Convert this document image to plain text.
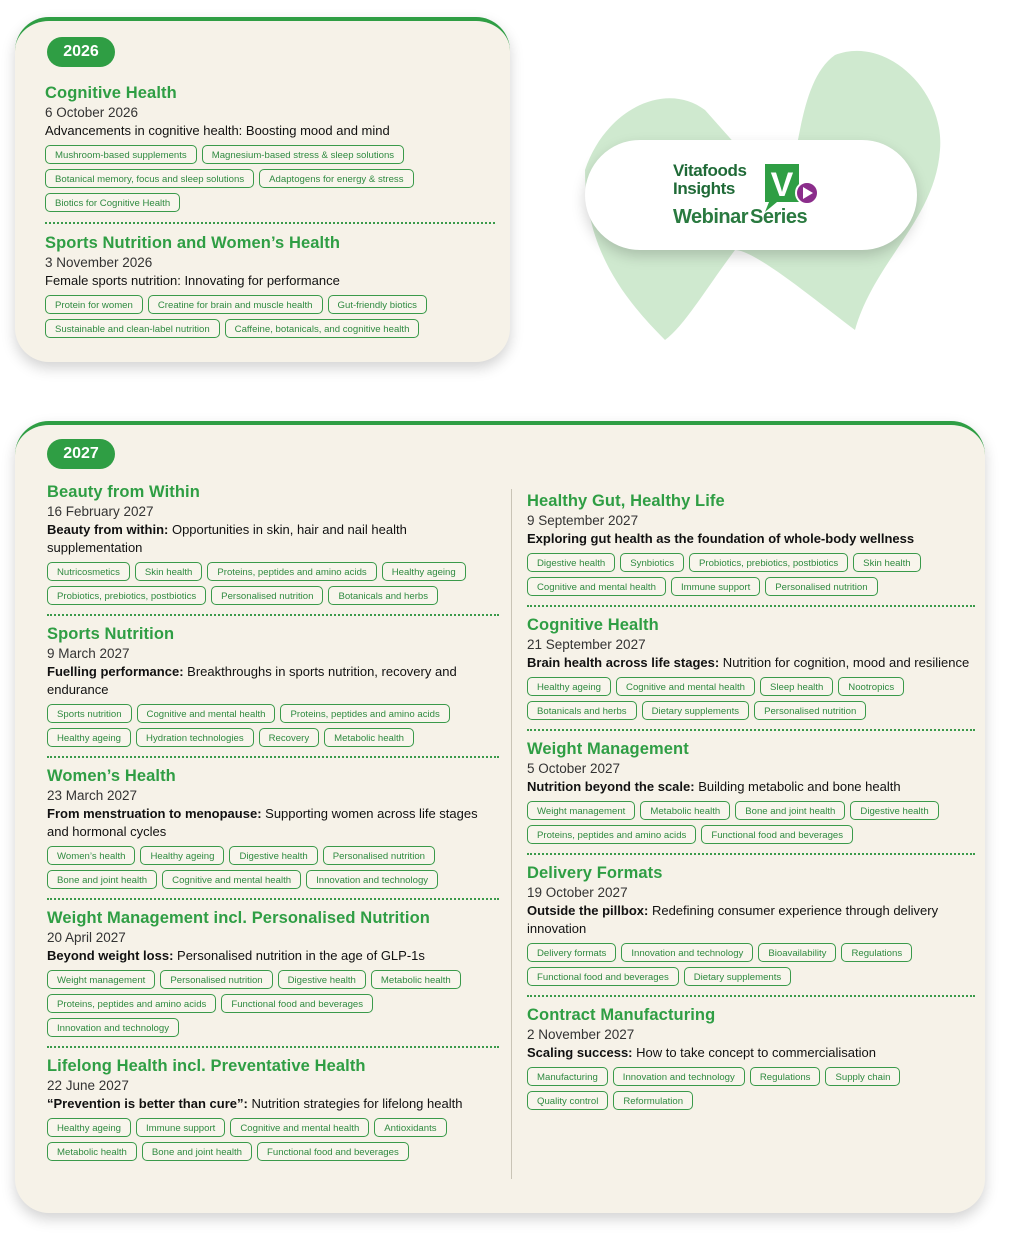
Vitafoods
Insights	V
Webinar Series
2026
Cognitive Health
6 October 2026
Advancements in cognitive health: Boosting mood and mind
Mushroom-based supplements	Magnesium-based stress & sleep solutions
Botanical memory, focus and sleep solutions	Adaptogens for energy & stress
Biotics for Cognitive Health
Sports Nutrition and Women’s Health
3 November 2026
Female sports nutrition: Innovating for performance
Protein for women	Creatine for brain and muscle health	Gut-friendly biotics
Sustainable and clean-label nutrition	Caffeine, botanicals, and cognitive health
2027
Beauty from Within
16 February 2027
Beauty from within: Opportunities in skin, hair and nail health supplementation
Nutricosmetics	Skin health	Proteins, peptides and amino acids	Healthy ageing
Probiotics, prebiotics, postbiotics	Personalised nutrition	Botanicals and herbs
Sports Nutrition
9 March 2027
Fuelling performance: Breakthroughs in sports nutrition, recovery and endurance
Sports nutrition	Cognitive and mental health	Proteins, peptides and amino acids
Healthy ageing	Hydration technologies	Recovery	Metabolic health
Women’s Health
23 March 2027
From menstruation to menopause: Supporting women across life stages and hormonal cycles
Women’s health	Healthy ageing	Digestive health	Personalised nutrition
Bone and joint health	Cognitive and mental health	Innovation and technology
Weight Management incl. Personalised Nutrition
20 April 2027
Beyond weight loss: Personalised nutrition in the age of GLP-1s
Weight management	Personalised nutrition	Digestive health	Metabolic health
Proteins, peptides and amino acids	Functional food and beverages
Innovation and technology
Lifelong Health incl. Preventative Health
22 June 2027
“Prevention is better than cure”: Nutrition strategies for lifelong health
Healthy ageing	Immune support	Cognitive and mental health	Antioxidants
Metabolic health	Bone and joint health	Functional food and beverages
Healthy Gut, Healthy Life
9 September 2027
Exploring gut health as the foundation of whole-body wellness
Digestive health	Synbiotics	Probiotics, prebiotics, postbiotics	Skin health
Cognitive and mental health	Immune support	Personalised nutrition
Cognitive Health
21 September 2027
Brain health across life stages: Nutrition for cognition, mood and resilience
Healthy ageing	Cognitive and mental health	Sleep health	Nootropics
Botanicals and herbs	Dietary supplements	Personalised nutrition
Weight Management
5 October 2027
Nutrition beyond the scale: Building metabolic and bone health
Weight management	Metabolic health	Bone and joint health	Digestive health
Proteins, peptides and amino acids	Functional food and beverages
Delivery Formats
19 October 2027
Outside the pillbox: Redefining consumer experience through delivery innovation
Delivery formats	Innovation and technology	Bioavailability	Regulations
Functional food and beverages	Dietary supplements
Contract Manufacturing
2 November 2027
Scaling success: How to take concept to commercialisation
Manufacturing	Innovation and technology	Regulations	Supply chain
Quality control	Reformulation
